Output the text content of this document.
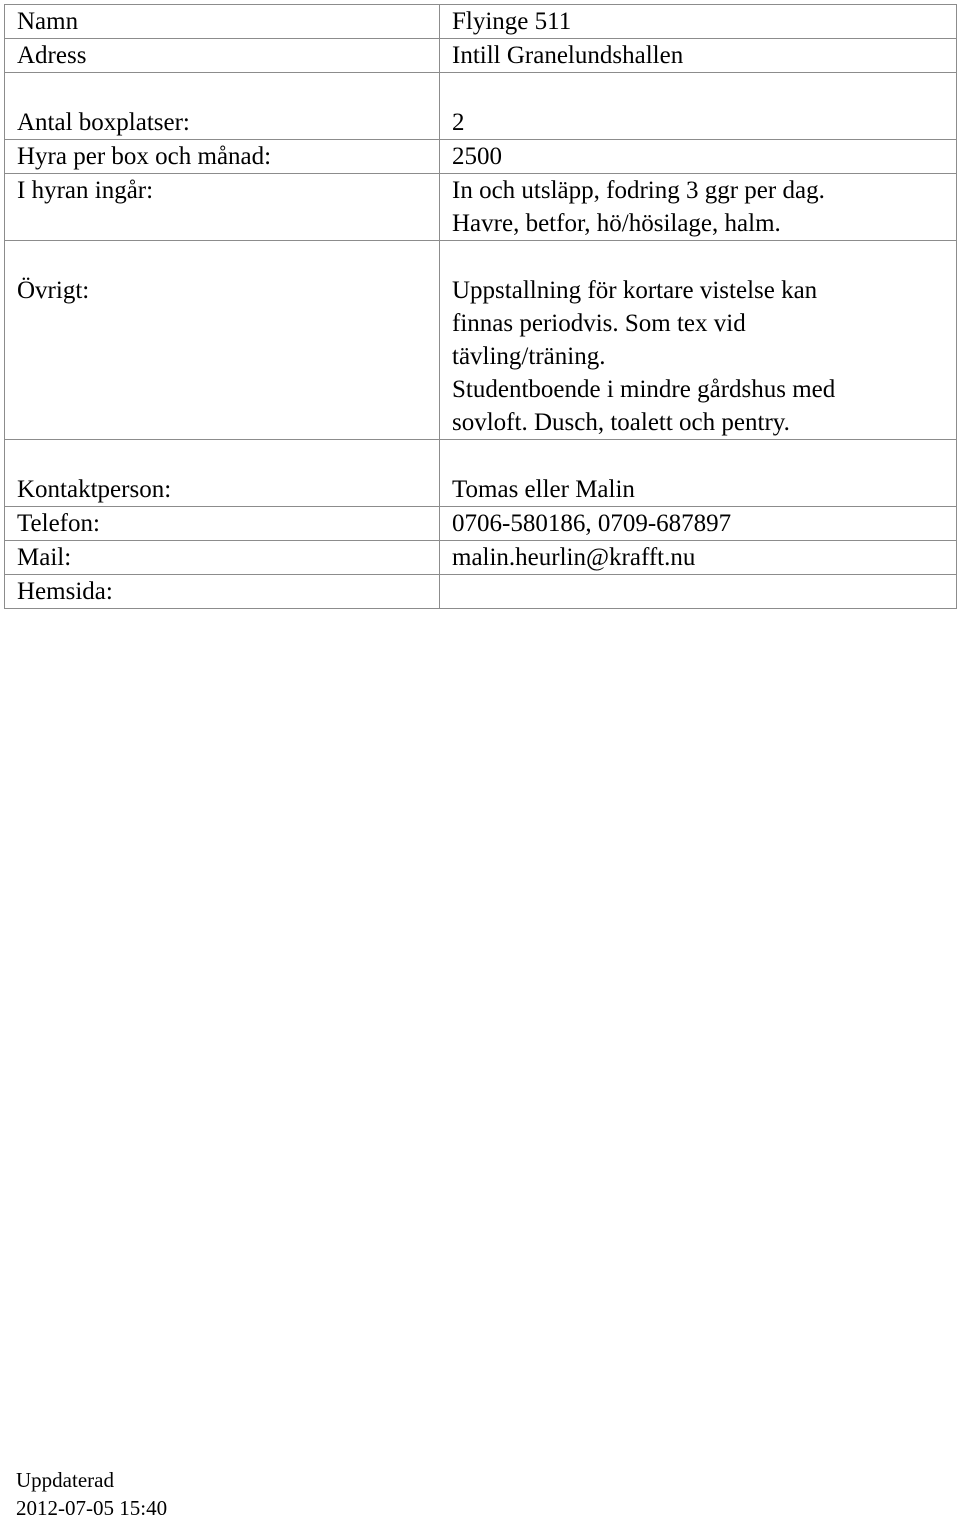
Namn	Flyinge 511
Adress	Intill Granelundshallen

Antal boxplatser:	2
Hyra per box och månad:	2500
I hyran ingår:	In och utsläpp, fodring 3 ggr per dag.
Havre, betfor, hö/hösilage, halm.

Övrigt:	Uppstallning för kortare vistelse kan
finnas periodvis. Som tex vid
tävling/träning.
Studentboende i mindre gårdshus med
sovloft. Dusch, toalett och pentry.

Kontaktperson:	Tomas eller Malin
Telefon:	0706-580186, 0709-687897
Mail:	malin.heurlin@krafft.nu
Hemsida:	
Uppdaterad
2012-07-05 15:40
